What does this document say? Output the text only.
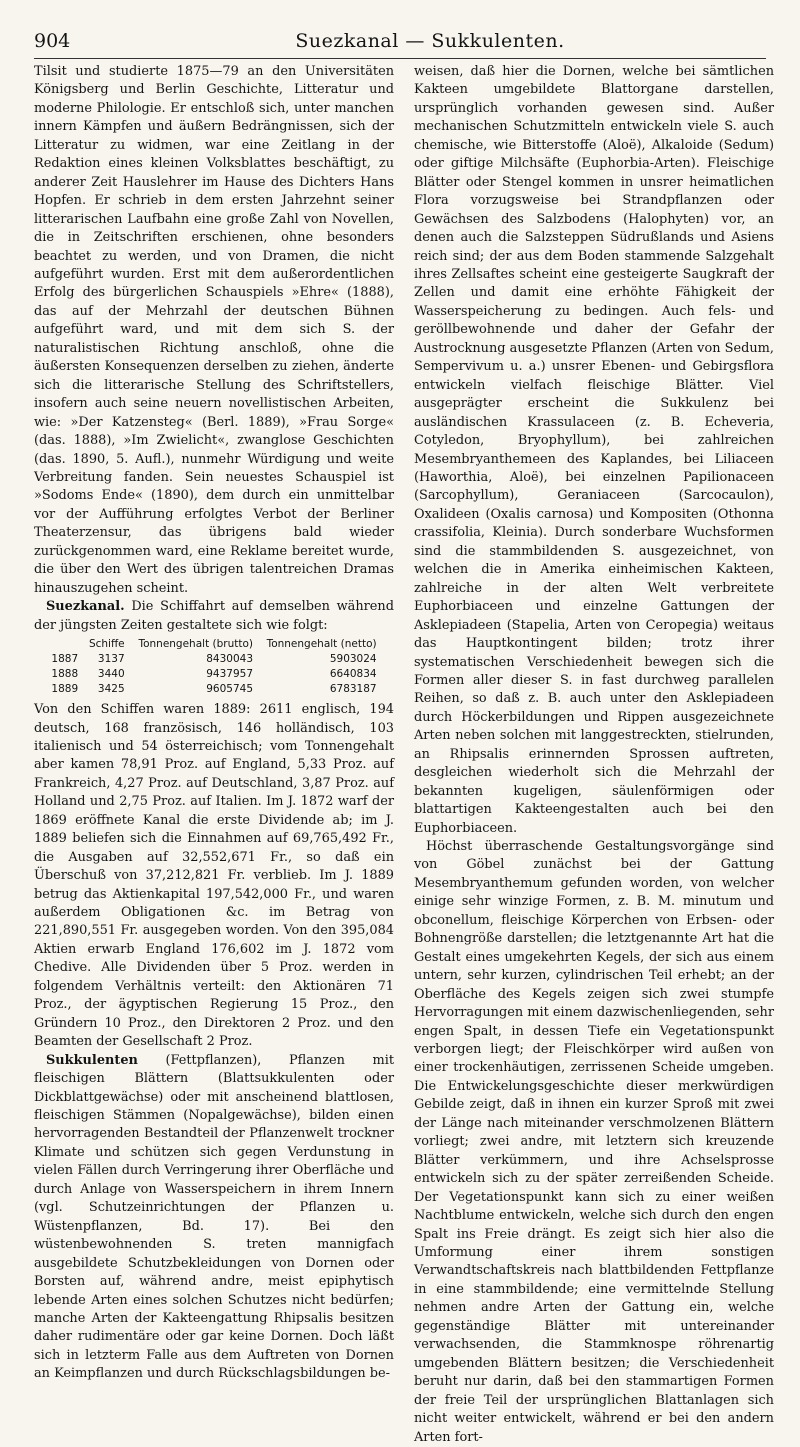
904	Suezkanal — Sukkulenten.

Tilsit und studierte 1875—79 an den Universitäten Königsberg und Berlin Geschichte, Litteratur und moderne Philologie. Er entschloß sich, unter manchen innern Kämpfen und äußern Bedrängnissen, sich der Litteratur zu widmen, war eine Zeitlang in der Redaktion eines kleinen Volksblattes beschäftigt, zu anderer Zeit Hauslehrer im Hause des Dichters Hans Hopfen. Er schrieb in dem ersten Jahrzehnt seiner litterarischen Laufbahn eine große Zahl von Novellen, die in Zeitschriften erschienen, ohne besonders beachtet zu werden, und von Dramen, die nicht aufgeführt wurden. Erst mit dem außerordentlichen Erfolg des bürgerlichen Schauspiels »Ehre« (1888), das auf der Mehrzahl der deutschen Bühnen aufgeführt ward, und mit dem sich S. der naturalistischen Richtung anschloß, ohne die äußersten Konsequenzen derselben zu ziehen, änderte sich die litterarische Stellung des Schriftstellers, insofern auch seine neuern novellistischen Arbeiten, wie: »Der Katzensteg« (Berl. 1889), »Frau Sorge« (das. 1888), »Im Zwielicht«, zwanglose Geschichten (das. 1890, 5. Aufl.), nunmehr Würdigung und weite Verbreitung fanden. Sein neuestes Schauspiel ist »Sodoms Ende« (1890), dem durch ein unmittelbar vor der Aufführung erfolgtes Verbot der Berliner Theaterzensur, das übrigens bald wieder zurückgenommen ward, eine Reklame bereitet wurde, die über den Wert des übrigen talentreichen Dramas hinauszugehen scheint.

Suezkanal. Die Schiffahrt auf demselben während der jüngsten Zeiten gestaltete sich wie folgt:

	Schiffe	Tonnengehalt (brutto)	Tonnengehalt (netto)
1887	3137	8430043	5903024
1888	3440	9437957	6640834
1889	3425	9605745	6783187

Von den Schiffen waren 1889: 2611 englisch, 194 deutsch, 168 französisch, 146 holländisch, 103 italienisch und 54 österreichisch; vom Tonnengehalt aber kamen 78,91 Proz. auf England, 5,33 Proz. auf Frankreich, 4,27 Proz. auf Deutschland, 3,87 Proz. auf Holland und 2,75 Proz. auf Italien. Im J. 1872 warf der 1869 eröffnete Kanal die erste Dividende ab; im J. 1889 beliefen sich die Einnahmen auf 69,765,492 Fr., die Ausgaben auf 32,552,671 Fr., so daß ein Überschuß von 37,212,821 Fr. verblieb. Im J. 1889 betrug das Aktienkapital 197,542,000 Fr., und waren außerdem Obligationen &c. im Betrag von 221,890,551 Fr. ausgegeben worden. Von den 395,084 Aktien erwarb England 176,602 im J. 1872 vom Chedive. Alle Dividenden über 5 Proz. werden in folgendem Verhältnis verteilt: den Aktionären 71 Proz., der ägyptischen Regierung 15 Proz., den Gründern 10 Proz., den Direktoren 2 Proz. und den Beamten der Gesellschaft 2 Proz.

Sukkulenten (Fettpflanzen), Pflanzen mit fleischigen Blättern (Blattsukkulenten oder Dickblattgewächse) oder mit anscheinend blattlosen, fleischigen Stämmen (Nopalgewächse), bilden einen hervorragenden Bestandteil der Pflanzenwelt trockner Klimate und schützen sich gegen Verdunstung in vielen Fällen durch Verringerung ihrer Oberfläche und durch Anlage von Wasserspeichern in ihrem Innern (vgl. Schutzeinrichtungen der Pflanzen u. Wüstenpflanzen, Bd. 17). Bei den wüstenbewohnenden S. treten mannigfach ausgebildete Schutzbekleidungen von Dornen oder Borsten auf, während andre, meist epiphytisch lebende Arten eines solchen Schutzes nicht bedürfen; manche Arten der Kakteengattung Rhipsalis besitzen daher rudimentäre oder gar keine Dornen. Doch läßt sich in letzterm Falle aus dem Auftreten von Dornen an Keimpflanzen und durch Rückschlagsbildungen be-

weisen, daß hier die Dornen, welche bei sämtlichen Kakteen umgebildete Blattorgane darstellen, ursprünglich vorhanden gewesen sind. Außer mechanischen Schutzmitteln entwickeln viele S. auch chemische, wie Bitterstoffe (Aloë), Alkaloide (Sedum) oder giftige Milchsäfte (Euphorbia-Arten). Fleischige Blätter oder Stengel kommen in unsrer heimatlichen Flora vorzugsweise bei Strandpflanzen oder Gewächsen des Salzbodens (Halophyten) vor, an denen auch die Salzsteppen Südrußlands und Asiens reich sind; der aus dem Boden stammende Salzgehalt ihres Zellsaftes scheint eine gesteigerte Saugkraft der Zellen und damit eine erhöhte Fähigkeit der Wasserspeicherung zu bedingen. Auch fels- und geröllbewohnende und daher der Gefahr der Austrocknung ausgesetzte Pflanzen (Arten von Sedum, Sempervivum u. a.) unsrer Ebenen- und Gebirgsflora entwickeln vielfach fleischige Blätter. Viel ausgeprägter erscheint die Sukkulenz bei ausländischen Krassulaceen (z. B. Echeveria, Cotyledon, Bryophyllum), bei zahlreichen Mesembryanthemeen des Kaplandes, bei Liliaceen (Haworthia, Aloë), bei einzelnen Papilionaceen (Sarcophyllum), Geraniaceen (Sarcocaulon), Oxalideen (Oxalis carnosa) und Kompositen (Othonna crassifolia, Kleinia). Durch sonderbare Wuchsformen sind die stammbildenden S. ausgezeichnet, von welchen die in Amerika einheimischen Kakteen, zahlreiche in der alten Welt verbreitete Euphorbiaceen und einzelne Gattungen der Asklepiadeen (Stapelia, Arten von Ceropegia) weitaus das Hauptkontingent bilden; trotz ihrer systematischen Verschiedenheit bewegen sich die Formen aller dieser S. in fast durchweg parallelen Reihen, so daß z. B. auch unter den Asklepiadeen durch Höckerbildungen und Rippen ausgezeichnete Arten neben solchen mit langgestreckten, stielrunden, an Rhipsalis erinnernden Sprossen auftreten, desgleichen wiederholt sich die Mehrzahl der bekannten kugeligen, säulenförmigen oder blattartigen Kakteengestalten auch bei den Euphorbiaceen.

Höchst überraschende Gestaltungsvorgänge sind von Göbel zunächst bei der Gattung Mesembryanthemum gefunden worden, von welcher einige sehr winzige Formen, z. B. M. minutum und obconellum, fleischige Körperchen von Erbsen- oder Bohnengröße darstellen; die letztgenannte Art hat die Gestalt eines umgekehrten Kegels, der sich aus einem untern, sehr kurzen, cylindrischen Teil erhebt; an der Oberfläche des Kegels zeigen sich zwei stumpfe Hervorragungen mit einem dazwischenliegenden, sehr engen Spalt, in dessen Tiefe ein Vegetationspunkt verborgen liegt; der Fleischkörper wird außen von einer trockenhäutigen, zerrissenen Scheide umgeben. Die Entwickelungsgeschichte dieser merkwürdigen Gebilde zeigt, daß in ihnen ein kurzer Sproß mit zwei der Länge nach miteinander verschmolzenen Blättern vorliegt; zwei andre, mit letztern sich kreuzende Blätter verkümmern, und ihre Achselsprosse entwickeln sich zu der später zerreißenden Scheide. Der Vegetationspunkt kann sich zu einer weißen Nachtblume entwickeln, welche sich durch den engen Spalt ins Freie drängt. Es zeigt sich hier also die Umformung einer ihrem sonstigen Verwandtschaftskreis nach blattbildenden Fettpflanze in eine stammbildende; eine vermittelnde Stellung nehmen andre Arten der Gattung ein, welche gegenständige Blätter mit untereinander verwachsenden, die Stammknospe röhrenartig umgebenden Blättern besitzen; die Verschiedenheit beruht nur darin, daß bei den stammartigen Formen der freie Teil der ursprünglichen Blattanlagen sich nicht weiter entwickelt, während er bei den andern Arten fort-
